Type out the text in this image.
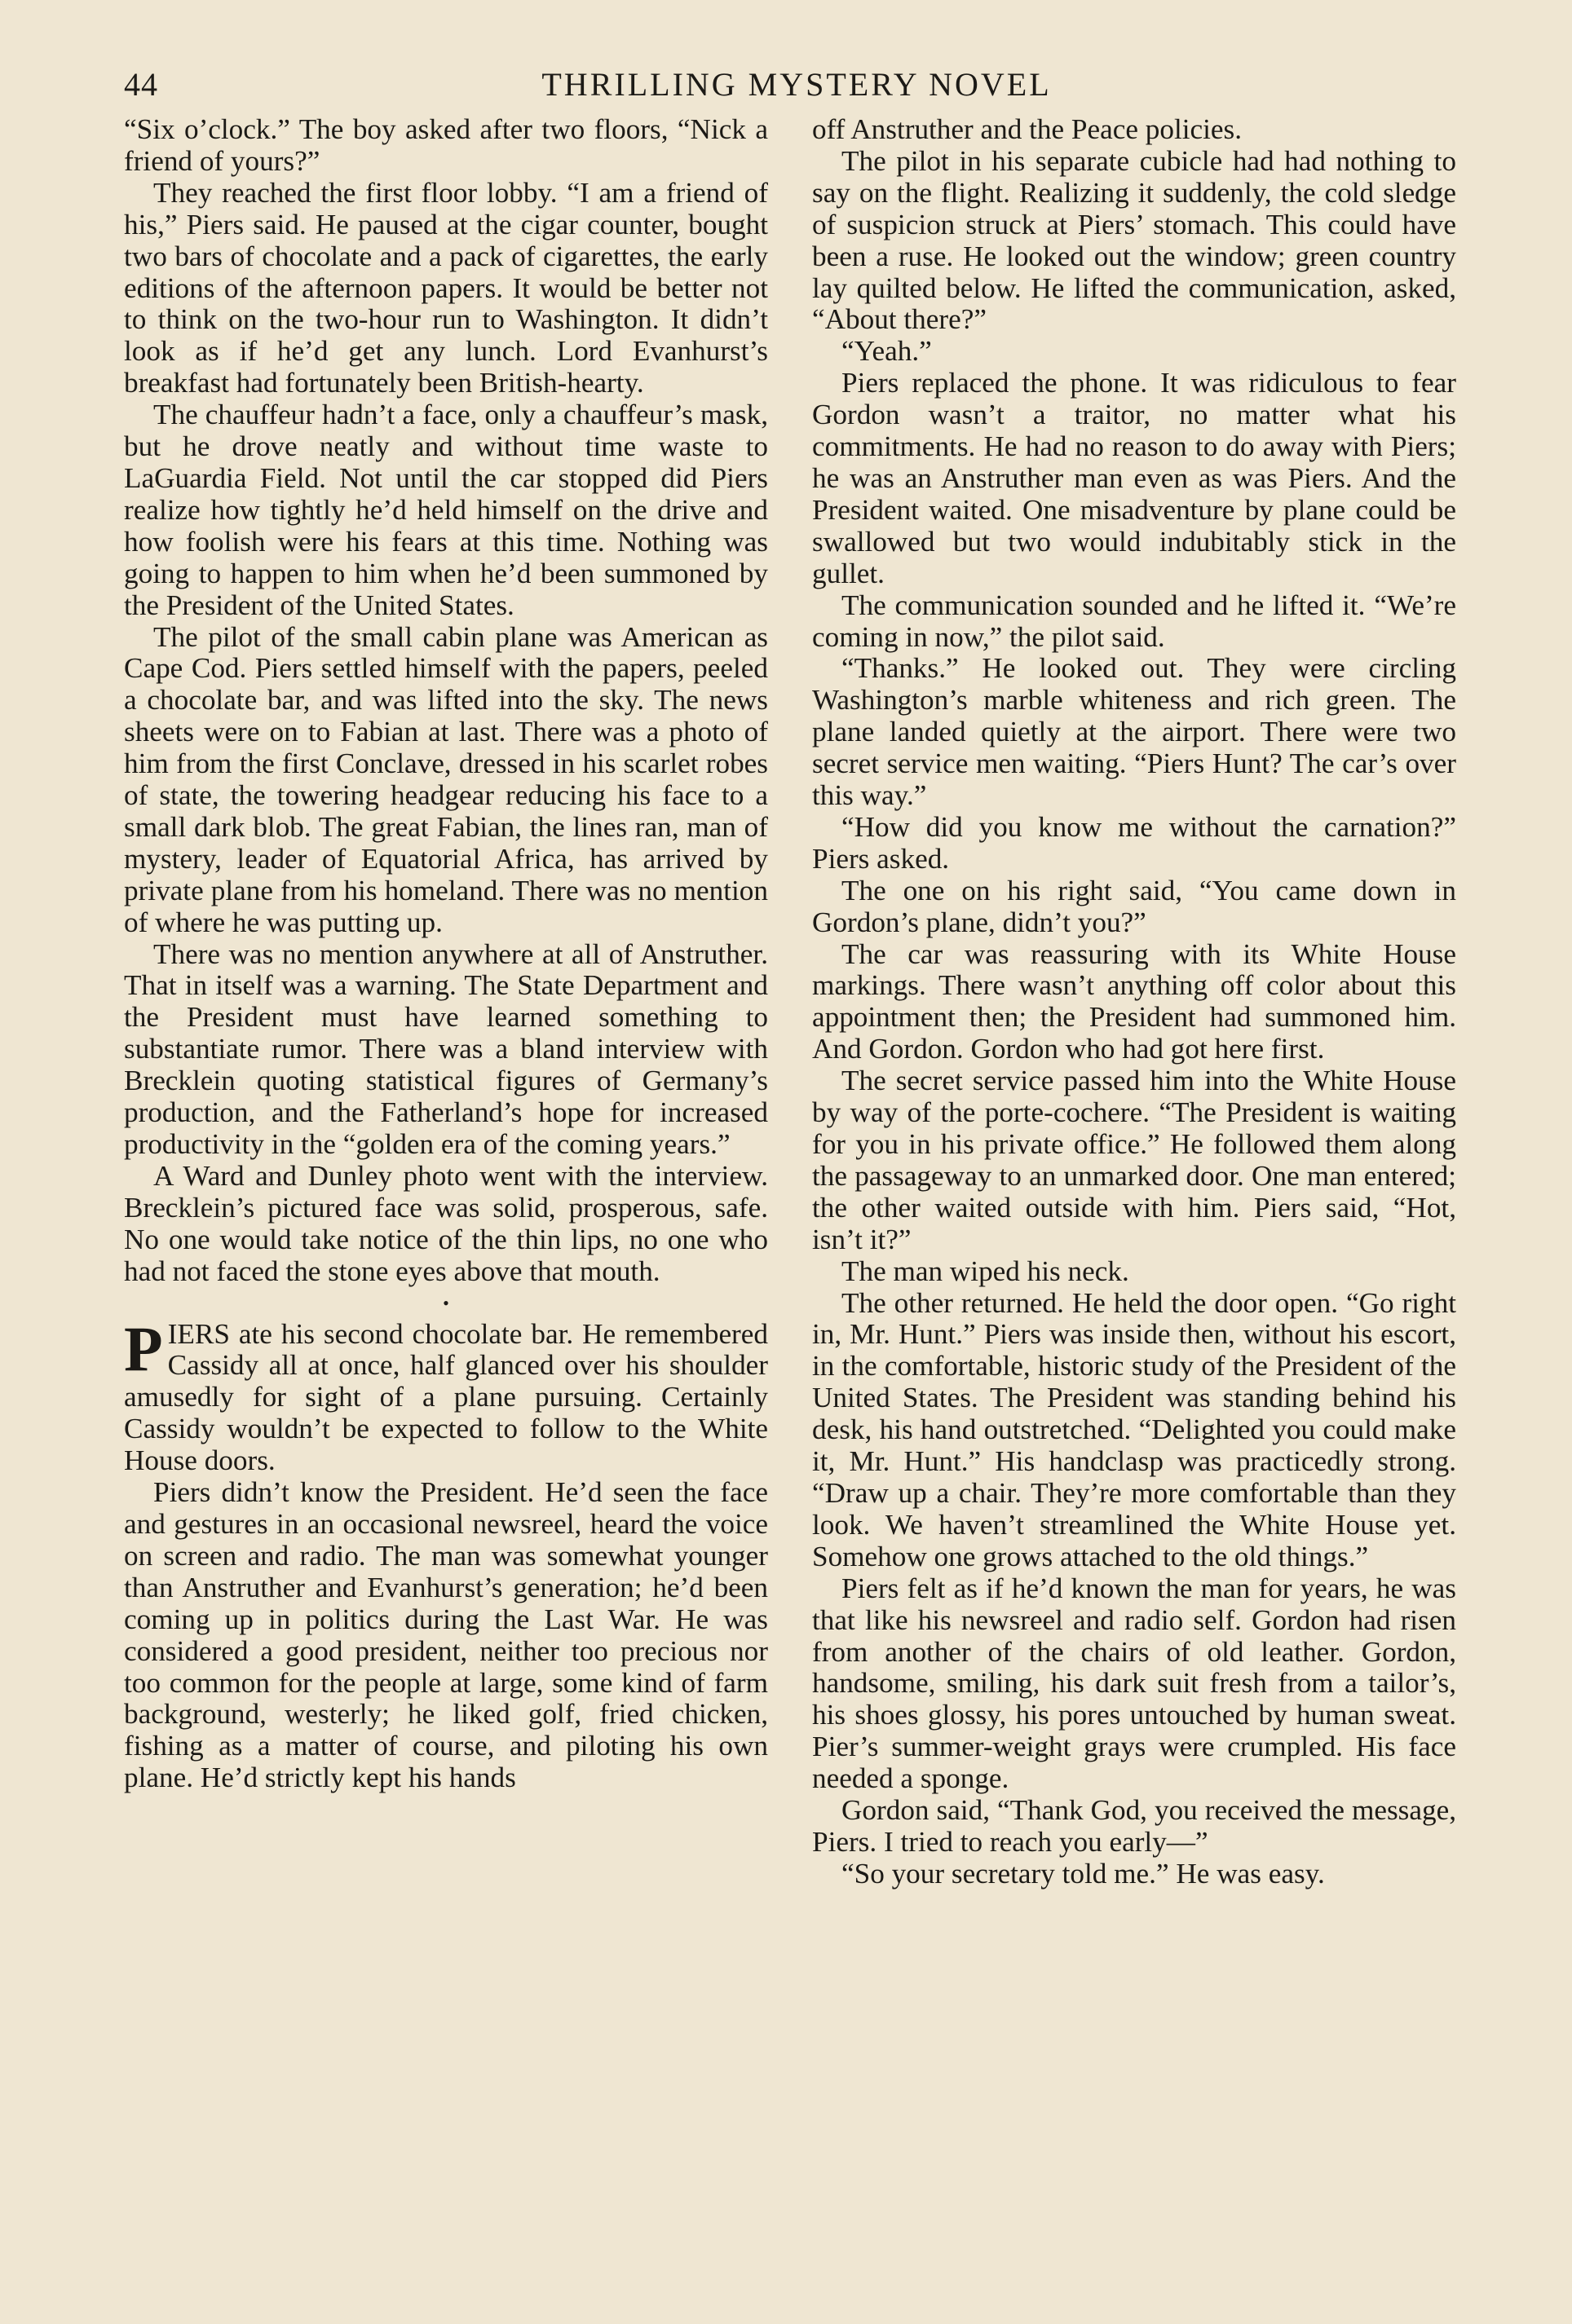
44	THRILLING MYSTERY NOVEL

“Six o’clock.” The boy asked after two floors, “Nick a friend of yours?”

They reached the first floor lobby. “I am a friend of his,” Piers said. He paused at the cigar counter, bought two bars of chocolate and a pack of cigarettes, the early editions of the afternoon papers. It would be better not to think on the two-hour run to Washington. It didn’t look as if he’d get any lunch. Lord Evanhurst’s breakfast had fortunately been British-hearty.

The chauffeur hadn’t a face, only a chauffeur’s mask, but he drove neatly and without time waste to LaGuardia Field. Not until the car stopped did Piers realize how tightly he’d held himself on the drive and how foolish were his fears at this time. Nothing was going to happen to him when he’d been summoned by the President of the United States.

The pilot of the small cabin plane was American as Cape Cod. Piers settled himself with the papers, peeled a chocolate bar, and was lifted into the sky. The news sheets were on to Fabian at last. There was a photo of him from the first Conclave, dressed in his scarlet robes of state, the towering headgear reducing his face to a small dark blob. The great Fabian, the lines ran, man of mystery, leader of Equatorial Africa, has arrived by private plane from his homeland. There was no mention of where he was putting up.

There was no mention anywhere at all of Anstruther. That in itself was a warning. The State Department and the President must have learned something to substantiate rumor. There was a bland interview with Brecklein quoting statistical figures of Germany’s production, and the Fatherland’s hope for increased productivity in the “golden era of the coming years.”

A Ward and Dunley photo went with the interview. Brecklein’s pictured face was solid, prosperous, safe. No one would take notice of the thin lips, no one who had not faced the stone eyes above that mouth.

•

PIERS ate his second chocolate bar. He remembered Cassidy all at once, half glanced over his shoulder amusedly for sight of a plane pursuing. Certainly Cassidy wouldn’t be expected to follow to the White House doors.

Piers didn’t know the President. He’d seen the face and gestures in an occasional newsreel, heard the voice on screen and radio. The man was somewhat younger than Anstruther and Evanhurst’s generation; he’d been coming up in politics during the Last War. He was considered a good president, neither too precious nor too common for the people at large, some kind of farm background, westerly; he liked golf, fried chicken, fishing as a matter of course, and piloting his own plane. He’d strictly kept his hands

off Anstruther and the Peace policies.

The pilot in his separate cubicle had had nothing to say on the flight. Realizing it suddenly, the cold sledge of suspicion struck at Piers’ stomach. This could have been a ruse. He looked out the window; green country lay quilted below. He lifted the communication, asked, “About there?”

“Yeah.”

Piers replaced the phone. It was ridiculous to fear Gordon wasn’t a traitor, no matter what his commitments. He had no reason to do away with Piers; he was an Anstruther man even as was Piers. And the President waited. One misadventure by plane could be swallowed but two would indubitably stick in the gullet.

The communication sounded and he lifted it. “We’re coming in now,” the pilot said.

“Thanks.” He looked out. They were circling Washington’s marble whiteness and rich green. The plane landed quietly at the airport. There were two secret service men waiting. “Piers Hunt? The car’s over this way.”

“How did you know me without the carnation?” Piers asked.

The one on his right said, “You came down in Gordon’s plane, didn’t you?”

The car was reassuring with its White House markings. There wasn’t anything off color about this appointment then; the President had summoned him. And Gordon. Gordon who had got here first.

The secret service passed him into the White House by way of the porte-cochere. “The President is waiting for you in his private office.” He followed them along the passageway to an unmarked door. One man entered; the other waited outside with him. Piers said, “Hot, isn’t it?”

The man wiped his neck.

The other returned. He held the door open. “Go right in, Mr. Hunt.” Piers was inside then, without his escort, in the comfortable, historic study of the President of the United States. The President was standing behind his desk, his hand outstretched. “Delighted you could make it, Mr. Hunt.” His handclasp was practicedly strong. “Draw up a chair. They’re more comfortable than they look. We haven’t streamlined the White House yet. Somehow one grows attached to the old things.”

Piers felt as if he’d known the man for years, he was that like his newsreel and radio self. Gordon had risen from another of the chairs of old leather. Gordon, handsome, smiling, his dark suit fresh from a tailor’s, his shoes glossy, his pores untouched by human sweat. Pier’s summer-weight grays were crumpled. His face needed a sponge.

Gordon said, “Thank God, you received the message, Piers. I tried to reach you early—”

“So your secretary told me.” He was easy.
